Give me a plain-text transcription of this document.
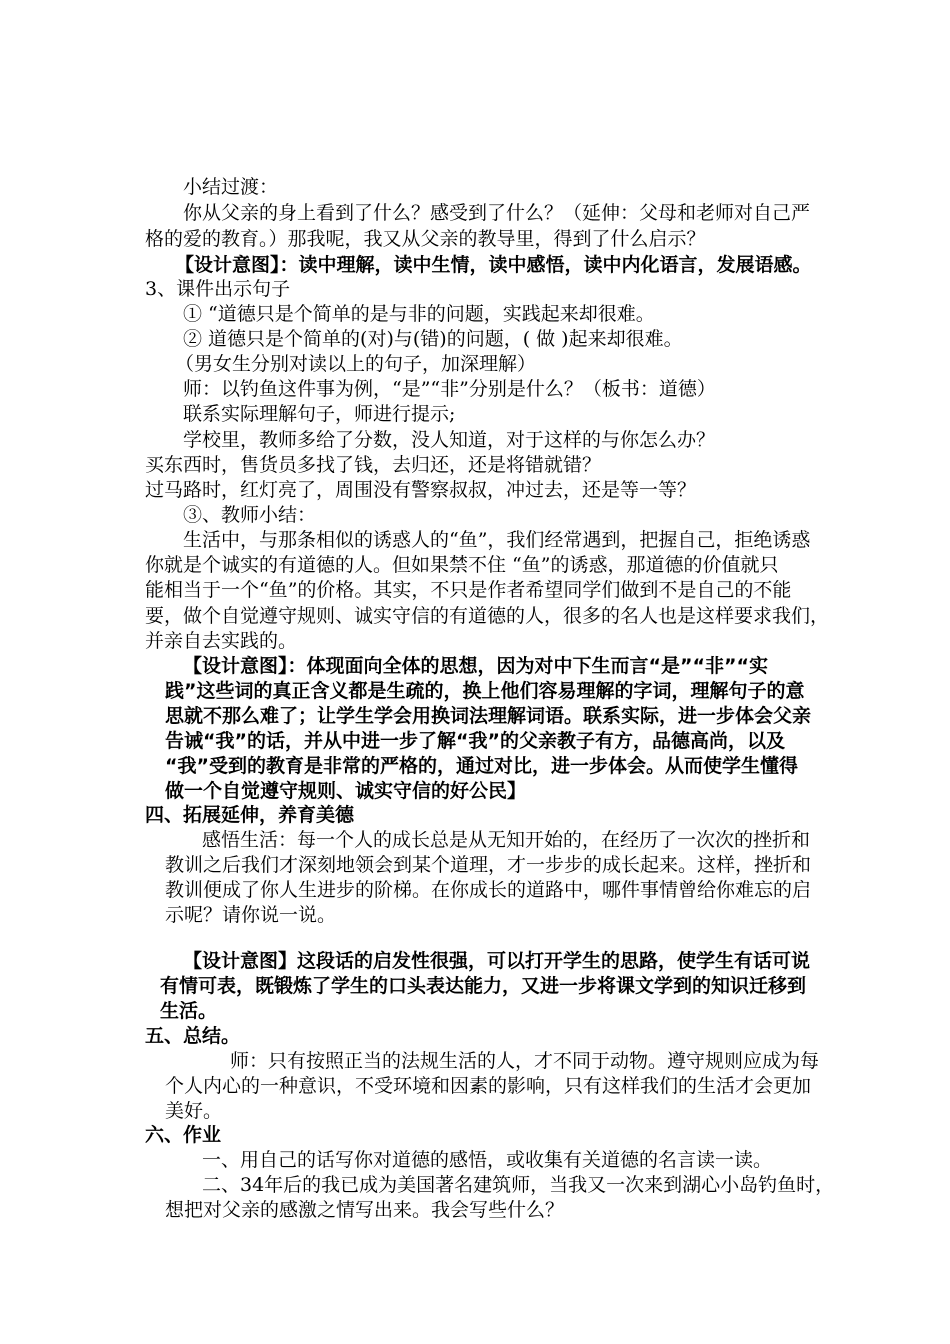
小结过渡：
你从父亲的身上看到了什么？感受到了什么？（延伸：父母和老师对自己严
格的爱的教育。）那我呢，我又从父亲的教导里，得到了什么启示？
【设计意图】：读中理解，读中生情，读中感悟，读中内化语言，发展语感。
3、课件出示句子
① “道德只是个简单的是与非的问题，实践起来却很难。
② 道德只是个简单的(对)与(错)的问题，( 做 )起来却很难。
（男女生分别对读以上的句子，加深理解）
师：以钓鱼这件事为例，“是”“非”分别是什么？（板书：道德）
联系实际理解句子，师进行提示;
学校里，教师多给了分数，没人知道，对于这样的与你怎么办？
买东西时，售货员多找了钱，去归还，还是将错就错？
过马路时，红灯亮了，周围没有警察叔叔，冲过去，还是等一等？
③、教师小结：
生活中，与那条相似的诱惑人的“鱼”，我们经常遇到，把握自己，拒绝诱惑
你就是个诚实的有道德的人。但如果禁不住 “鱼”的诱惑，那道德的价值就只
能相当于一个“鱼”的价格。其实，不只是作者希望同学们做到不是自己的不能
要，做个自觉遵守规则、诚实守信的有道德的人，很多的名人也是这样要求我们，
并亲自去实践的。
【设计意图】：体现面向全体的思想，因为对中下生而言“是”“非”“实
践”这些词的真正含义都是生疏的，换上他们容易理解的字词，理解句子的意
思就不那么难了；让学生学会用换词法理解词语。联系实际，进一步体会父亲
告诫“我”的话，并从中进一步了解“我”的父亲教子有方，品德高尚，以及
“我”受到的教育是非常的严格的，通过对比，进一步体会。从而使学生懂得
做一个自觉遵守规则、诚实守信的好公民】
四、拓展延伸，养育美德
感悟生活：每一个人的成长总是从无知开始的，在经历了一次次的挫折和
教训之后我们才深刻地领会到某个道理，才一步步的成长起来。这样，挫折和
教训便成了你人生进步的阶梯。在你成长的道路中，哪件事情曾给你难忘的启
示呢？请你说一说。
【设计意图】这段话的启发性很强，可以打开学生的思路，使学生有话可说
有情可表，既锻炼了学生的口头表达能力，又进一步将课文学到的知识迁移到
生活。
五、总结。
师：只有按照正当的法规生活的人，才不同于动物。遵守规则应成为每
个人内心的一种意识，不受环境和因素的影响，只有这样我们的生活才会更加
美好。
六、作业
一、用自己的话写你对道德的感悟，或收集有关道德的名言读一读。
二、34年后的我已成为美国著名建筑师，当我又一次来到湖心小岛钓鱼时，
想把对父亲的感激之情写出来。我会写些什么？
